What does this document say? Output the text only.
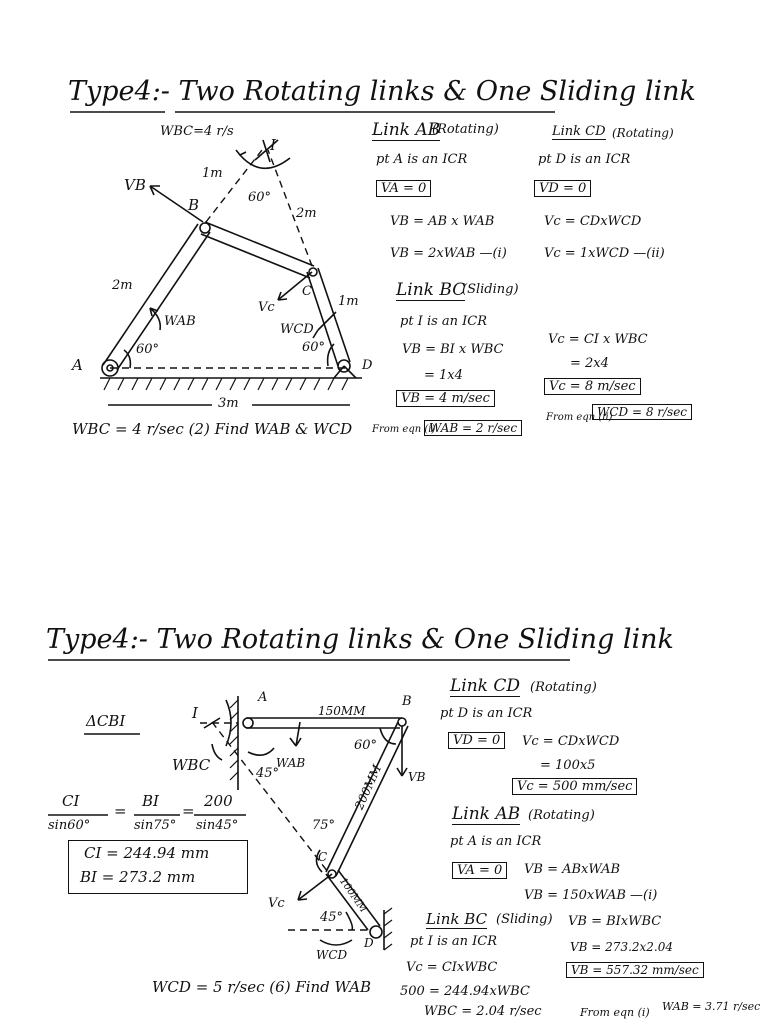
Type4:- Two Rotating links & One Sliding link
WBC=4 r/s
I
1m
60°
2m
VB
B
2m	C
Vc	1m
WAB
WCD
60°	60°
A	D
3m
WBC = 4 r/sec (2) Find WAB & WCD From eqn (i)
WAB = 2 r/sec
Link AB
(Rotating)
pt A is an ICR
VA = 0
VB = AB x WAB
VB = 2xWAB —(i)
Link CD (Rotating)
pt D is an ICR
VD = 0
Vc = CDxWCD
Vc = 1xWCD —(ii)
Link BC
(Sliding)
pt I is an ICR
VB = BI x WBC
= 1x4
VB = 4 m/sec
Vc = CI x WBC
= 2x4
Vc = 8 m/sec
From eqn (ii)
WCD = 8 r/sec
Type4:- Two Rotating links & One Sliding link
I
A
150MM
B
60°
WAB
45°	VB
WBC
75°
200MM
C
100MM
Vc
45°
WCD
D
ΔCBI
CI
sin60°
=
BI
sin75°
=
200
sin45°
CI = 244.94 mm
BI = 273.2 mm
WCD = 5 r/sec (6) Find WAB
Link CD (Rotating)
pt D is an ICR
VD = 0	Vc = CDxWCD
= 100x5
Vc = 500 mm/sec
Link AB (Rotating)
pt A is an ICR
VA = 0	VB = ABxWAB
VB = 150xWAB —(i)
Link BC (Sliding)
pt I is an ICR
VB = BIxWBC
VB = 273.2x2.04
VB = 557.32 mm/sec
Vc = CIxWBC
500 = 244.94xWBC
WBC = 2.04 r/sec	From eqn (i) WAB = 3.71 r/sec
